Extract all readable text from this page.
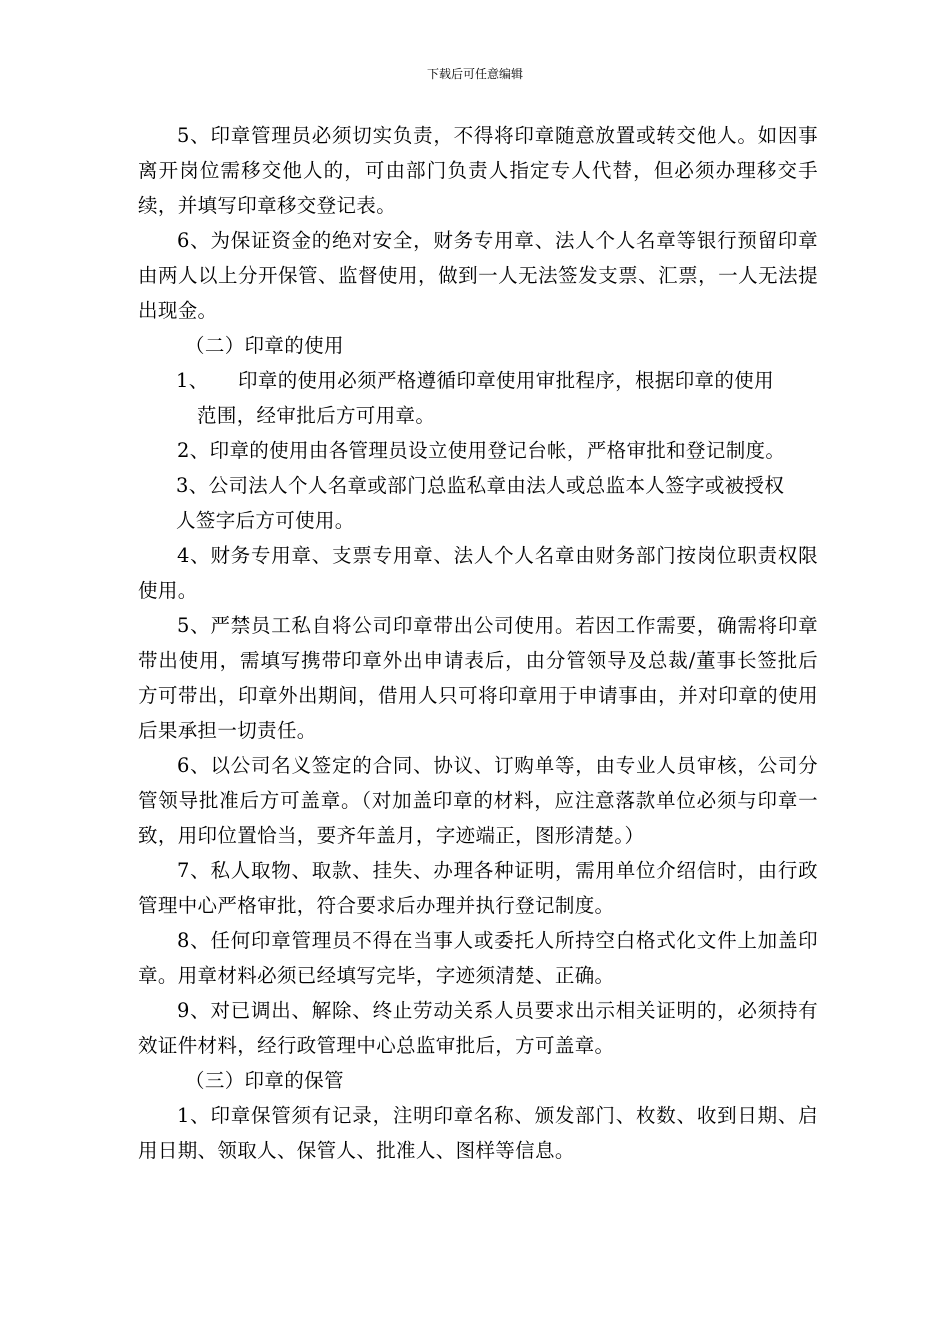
下载后可任意编辑

5、印章管理员必须切实负责，不得将印章随意放置或转交他人。如因事离开岗位需移交他人的，可由部门负责人指定专人代替，但必须办理移交手续，并填写印章移交登记表。

6、为保证资金的绝对安全，财务专用章、法人个人名章等银行预留印章由两人以上分开保管、监督使用，做到一人无法签发支票、汇票，一人无法提出现金。

（二）印章的使用

1、 印章的使用必须严格遵循印章使用审批程序，根据印章的使用
范围，经审批后方可用章。

2、印章的使用由各管理员设立使用登记台帐，严格审批和登记制度。

3、公司法人个人名章或部门总监私章由法人或总监本人签字或被授权
人签字后方可使用。

4、财务专用章、支票专用章、法人个人名章由财务部门按岗位职责权限使用。

5、严禁员工私自将公司印章带出公司使用。若因工作需要，确需将印章带出使用，需填写携带印章外出申请表后，由分管领导及总裁/董事长签批后方可带出，印章外出期间，借用人只可将印章用于申请事由，并对印章的使用后果承担一切责任。

6、以公司名义签定的合同、协议、订购单等，由专业人员审核，公司分管领导批准后方可盖章。（对加盖印章的材料，应注意落款单位必须与印章一致，用印位置恰当，要齐年盖月，字迹端正，图形清楚。）

7、私人取物、取款、挂失、办理各种证明，需用单位介绍信时，由行政管理中心严格审批，符合要求后办理并执行登记制度。

8、任何印章管理员不得在当事人或委托人所持空白格式化文件上加盖印章。用章材料必须已经填写完毕，字迹须清楚、正确。

9、对已调出、解除、终止劳动关系人员要求出示相关证明的，必须持有效证件材料，经行政管理中心总监审批后，方可盖章。

（三）印章的保管

1、印章保管须有记录，注明印章名称、颁发部门、枚数、收到日期、启用日期、领取人、保管人、批准人、图样等信息。
